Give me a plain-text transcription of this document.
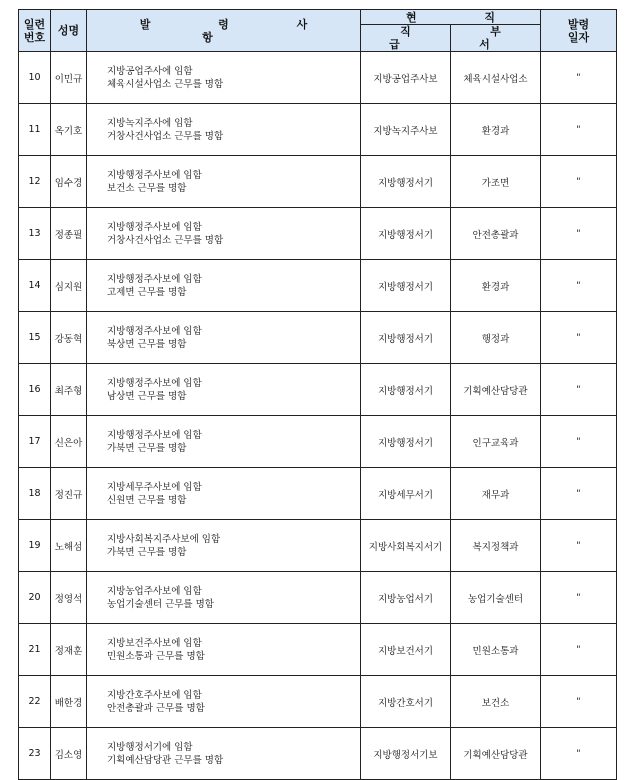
일련
번호	성명	발 령 사 항	현 직		발령
일자
			직 급	부 서	
10	이민규	지방공업주사에 임함
체육시설사업소 근무를 명함	지방공업주사보	체육시설사업소	"
11	옥기호	지방녹지주사에 임함
거창사건사업소 근무를 명함	지방녹지주사보	환경과	"
12	임수경	지방행정주사보에 임함
보건소 근무를 명함	지방행정서기	가조면	"
13	정종필	지방행정주사보에 임함
거창사건사업소 근무를 명함	지방행정서기	안전총괄과	"
14	심지원	지방행정주사보에 임함
고제면 근무를 명함	지방행정서기	환경과	"
15	강동혁	지방행정주사보에 임함
북상면 근무를 명함	지방행정서기	행정과	"
16	최주형	지방행정주사보에 임함
남상면 근무를 명함	지방행정서기	기획예산담당관	"
17	신은아	지방행정주사보에 임함
가북면 근무를 명함	지방행정서기	인구교육과	"
18	정진규	지방세무주사보에 임함
신원면 근무를 명함	지방세무서기	재무과	"
19	노해섬	지방사회복지주사보에 임함
가북면 근무를 명함	지방사회복지서기	복지정책과	"
20	정영석	지방농업주사보에 임함
농업기술센터 근무를 명함	지방농업서기	농업기술센터	"
21	정재훈	지방보건주사보에 임함
민원소통과 근무를 명함	지방보건서기	민원소통과	"
22	배한경	지방간호주사보에 임함
안전총괄과 근무를 명함	지방간호서기	보건소	"
23	김소영	지방행정서기에 임함
기획예산담당관 근무를 명함	지방행정서기보	기획예산담당관	"
